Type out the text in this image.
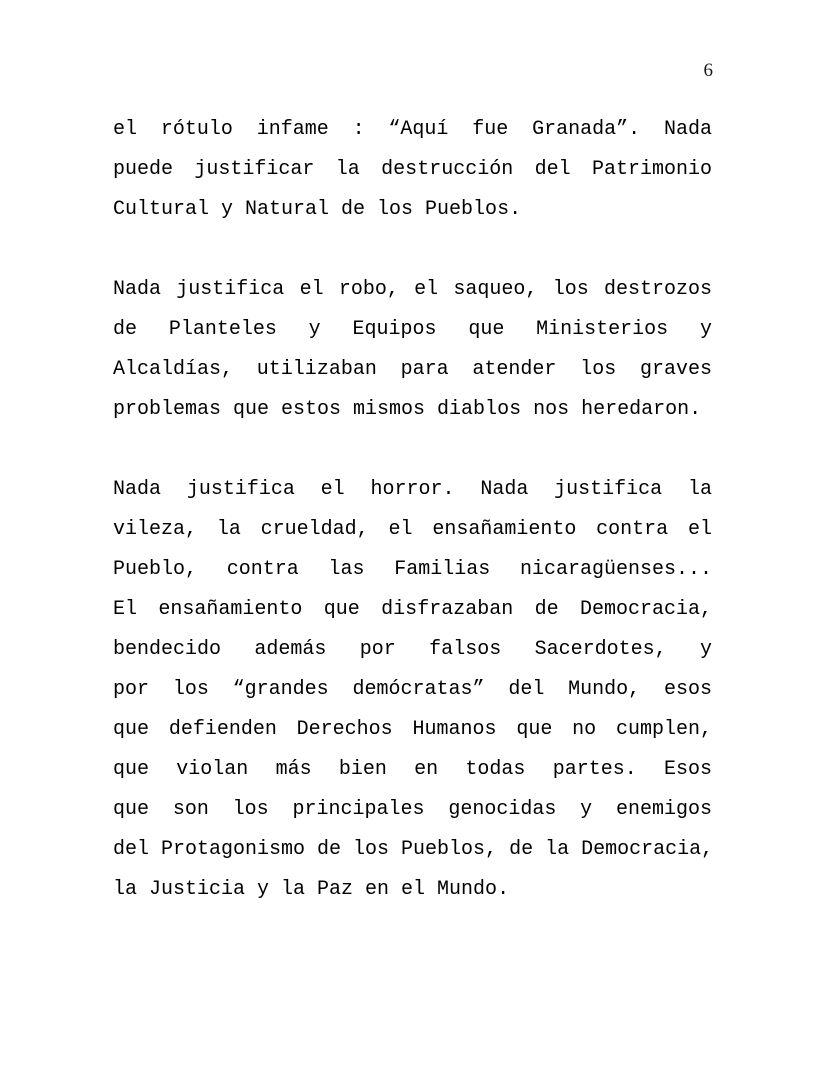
6
el rótulo infame : “Aquí fue Granada”. Nada
puede justificar la destrucción del Patrimonio
Cultural y Natural de los Pueblos.
Nada justifica el robo, el saqueo, los destrozos
de Planteles y Equipos que Ministerios y
Alcaldías, utilizaban para atender los graves
problemas que estos mismos diablos nos heredaron.
Nada justifica el horror. Nada justifica la
vileza, la crueldad, el ensañamiento contra el
Pueblo, contra las Familias nicaragüenses...
El ensañamiento que disfrazaban de Democracia,
bendecido además por falsos Sacerdotes, y
por los “grandes demócratas” del Mundo, esos
que defienden Derechos Humanos que no cumplen,
que violan más bien en todas partes. Esos
que son los principales genocidas y enemigos
del Protagonismo de los Pueblos, de la Democracia,
la Justicia y la Paz en el Mundo.
